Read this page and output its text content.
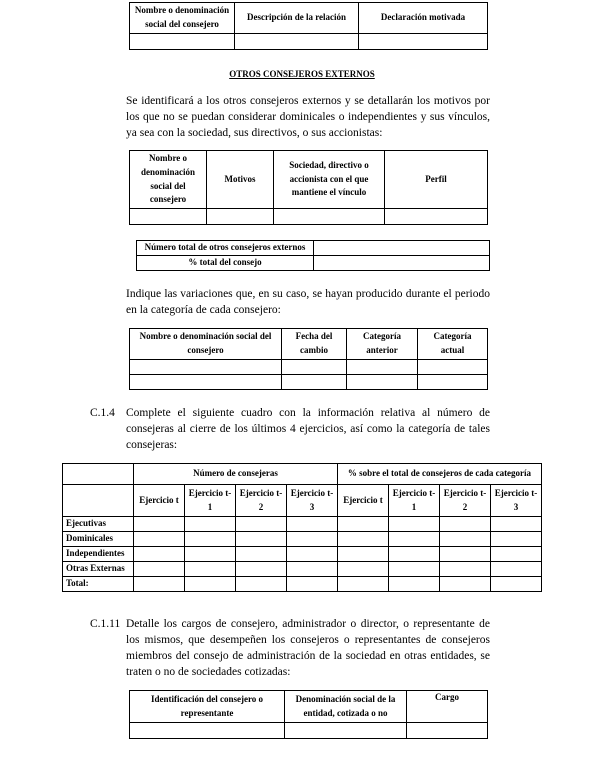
Nombre o denominación social del consejero	Descripción de la relación	Declaración motivada

OTROS CONSEJEROS EXTERNOS
Se identificará a los otros consejeros externos y se detallarán los motivos por los que no se puedan considerar dominicales o independientes y sus vínculos, ya sea con la sociedad, sus directivos, o sus accionistas:
Nombre o denominación social del consejero	Motivos	Sociedad, directivo o accionista con el que mantiene el vínculo	Perfil

Número total de otros consejeros externos	
% total del consejo	
Indique las variaciones que, en su caso, se hayan producido durante el periodo en la categoría de cada consejero:
Nombre o denominación social del consejero	Fecha del cambio	Categoría anterior	Categoría actual

C.1.4 Complete el siguiente cuadro con la información relativa al número de consejeras al cierre de los últimos 4 ejercicios, así como la categoría de tales consejeras:
	Número de consejeras				% sobre el total de consejeros de cada categoría			
	Ejercicio t	Ejercicio t-1	Ejercicio t-2	Ejercicio t-3	Ejercicio t	Ejercicio t-1	Ejercicio t-2	Ejercicio t-3
Ejecutivas								
Dominicales								
Independientes								
Otras Externas								
Total:								
C.1.11 Detalle los cargos de consejero, administrador o director, o representante de los mismos, que desempeñen los consejeros o representantes de consejeros miembros del consejo de administración de la sociedad en otras entidades, se traten o no de sociedades cotizadas:
Identificación del consejero o representante	Denominación social de la entidad, cotizada o no	Cargo
